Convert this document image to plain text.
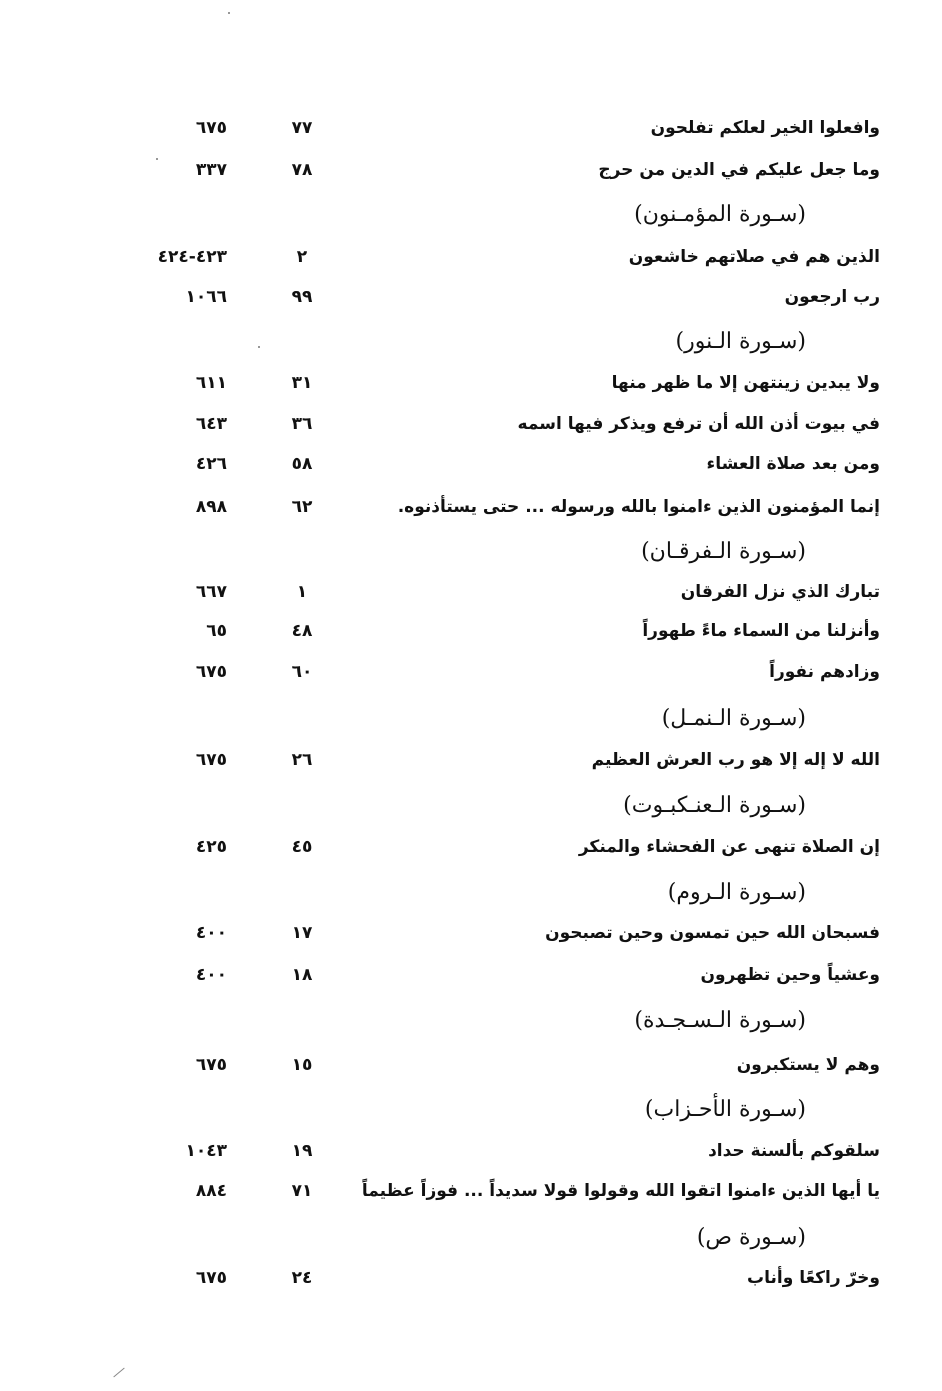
وافعلوا الخير لعلكم تفلحون
٧٧
٦٧٥
وما جعل عليكم في الدين من حرج
٧٨
٣٣٧
(سـورة المؤمـنون)
الذين هم في صلاتهم خاشعون
٢
٤٢٣-٤٢٤
رب ارجعون
٩٩
١٠٦٦
(سـورة الـنور)
ولا يبدين زينتهن إلا ما ظهر منها
٣١
٦١١
في بيوت أذن الله أن ترفع ويذكر فيها اسمه
٣٦
٦٤٣
ومن بعد صلاة العشاء
٥٨
٤٢٦
إنما المؤمنون الذين ءامنوا بالله ورسوله ... حتى يستأذنوه.
٦٢
٨٩٨
(سـورة الـفرقـان)
تبارك الذي نزل الفرقان
١
٦٦٧
وأنزلنا من السماء ماءً طهوراً
٤٨
٦٥
وزادهم نفوراً
٦٠
٦٧٥
(سـورة الـنمـل)
الله لا إله إلا هو رب العرش العظيم
٢٦
٦٧٥
(سـورة الـعنـكبـوت)
إن الصلاة تنهى عن الفحشاء والمنكر
٤٥
٤٢٥
(سـورة الـروم)
فسبحان الله حين تمسون وحين تصبحون
١٧
٤٠٠
وعشياً وحين تظهرون
١٨
٤٠٠
(سـورة الـسـجـدة)
وهم لا يستكبرون
١٥
٦٧٥
(سـورة الأحـزاب)
سلقوكم بألسنة حداد
١٩
١٠٤٣
يا أيها الذين ءامنوا اتقوا الله وقولوا قولا سديداً ... فوزاً عظيماً
٧١
٨٨٤
(سـورة ص)
وخرّ راكعًا وأناب
٢٤
٦٧٥
